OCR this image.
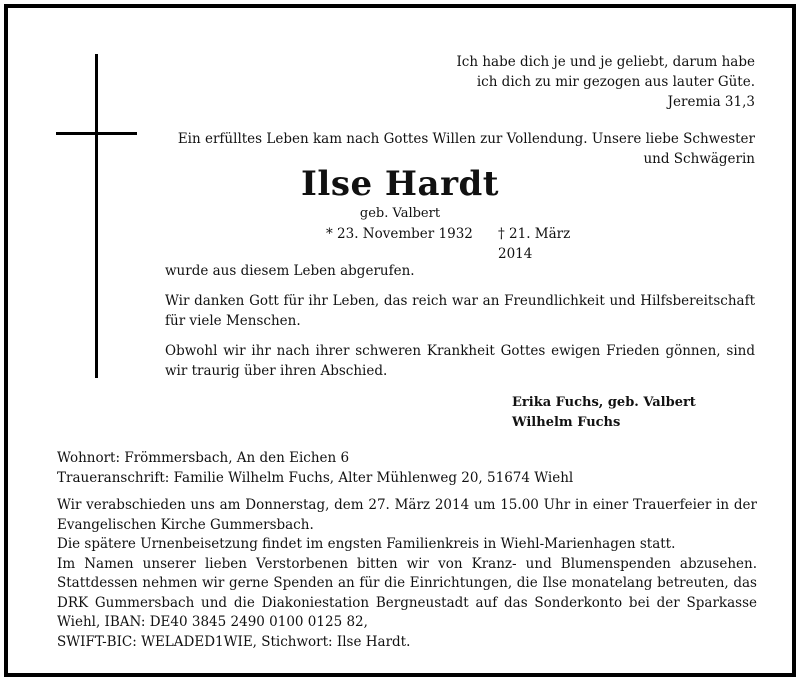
Ich habe dich je und je geliebt, darum habe
ich dich zu mir gezogen aus lauter Güte.
Jeremia 31,3
Ein erfülltes Leben kam nach Gottes Willen zur Vollendung. Unsere liebe Schwester und Schwägerin
Ilse Hardt
geb. Valbert
* 23. November 1932 † 21. März 2014

wurde aus diesem Leben abgerufen.

Wir danken Gott für ihr Leben, das reich war an Freundlichkeit und Hilfsbereitschaft für viele Menschen.

Obwohl wir ihr nach ihrer schweren Krankheit Gottes ewigen Frieden gönnen, sind wir traurig über ihren Abschied.

Erika Fuchs, geb. Valbert
Wilhelm Fuchs
Wohnort: Frömmersbach, An den Eichen 6
Traueranschrift: Familie Wilhelm Fuchs, Alter Mühlenweg 20, 51674 Wiehl
Wir verabschieden uns am Donnerstag, dem 27. März 2014 um 15.00 Uhr in einer Trauerfeier in der Evangelischen Kirche Gummersbach.
Die spätere Urnenbeisetzung findet im engsten Familienkreis in Wiehl-Marienhagen statt.
Im Namen unserer lieben Verstorbenen bitten wir von Kranz- und Blumenspenden abzusehen. Stattdessen nehmen wir gerne Spenden an für die Einrichtungen, die Ilse monatelang betreuten, das DRK Gummersbach und die Diakoniestation Bergneustadt auf das Sonderkonto bei der Sparkasse Wiehl, IBAN: DE40 3845 2490 0100 0125 82,
SWIFT-BIC: WELADED1WIE, Stichwort: Ilse Hardt.
